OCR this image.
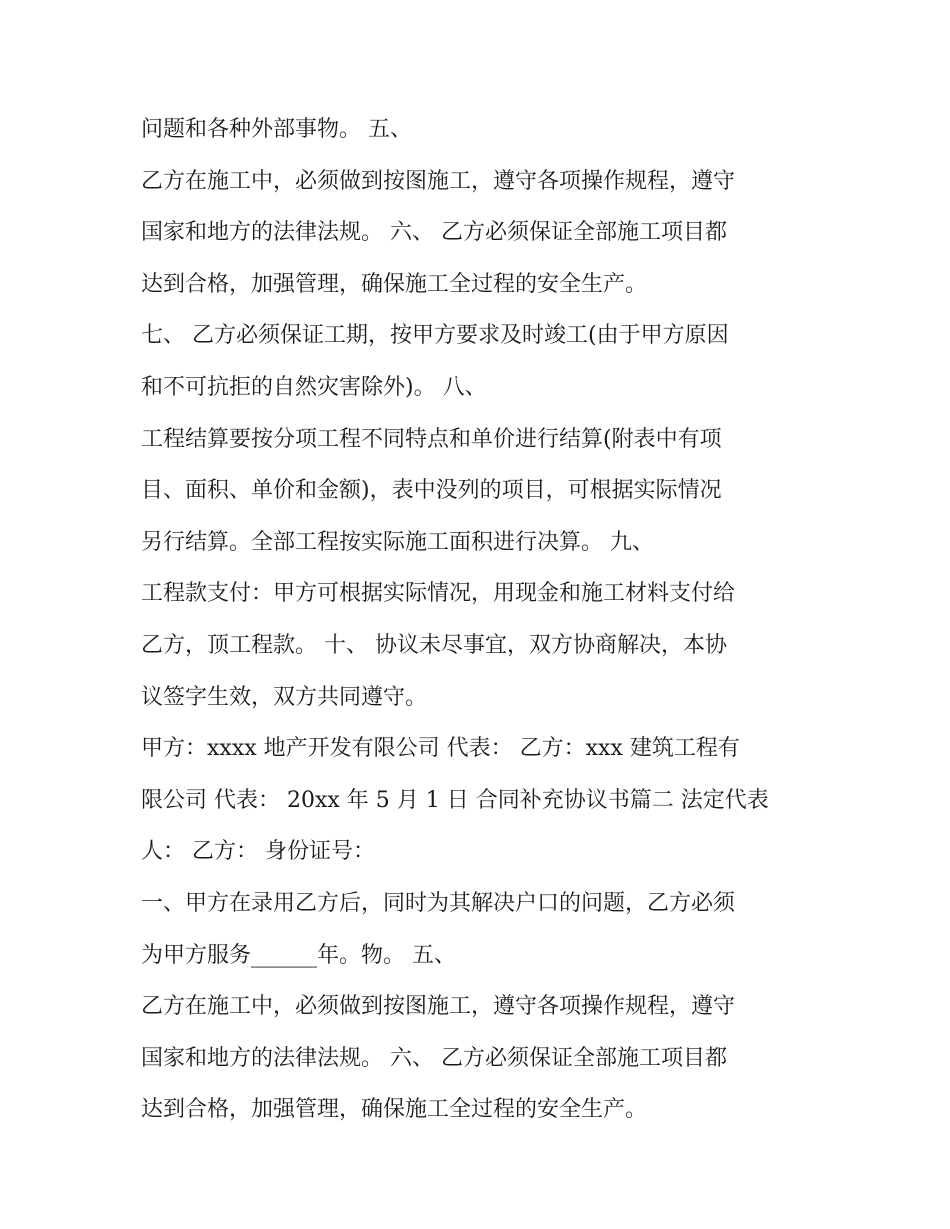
问题和各种外部事物。 五、
乙方在施工中，必须做到按图施工，遵守各项操作规程，遵守
国家和地方的法律法规。 六、 乙方必须保证全部施工项目都
达到合格，加强管理，确保施工全过程的安全生产。
七、 乙方必须保证工期，按甲方要求及时竣工(由于甲方原因
和不可抗拒的自然灾害除外)。 八、
工程结算要按分项工程不同特点和单价进行结算(附表中有项
目、面积、单价和金额)，表中没列的项目，可根据实际情况
另行结算。全部工程按实际施工面积进行决算。 九、
工程款支付：甲方可根据实际情况，用现金和施工材料支付给
乙方，顶工程款。 十、 协议未尽事宜，双方协商解决，本协
议签字生效，双方共同遵守。
甲方：xxxx 地产开发有限公司 代表： 乙方：xxx 建筑工程有
限公司 代表： 20xx 年 5 月 1 日 合同补充协议书篇二 法定代表
人： 乙方： 身份证号：
一、甲方在录用乙方后，同时为其解决户口的问题，乙方必须
为甲方服务______年。物。 五、
乙方在施工中，必须做到按图施工，遵守各项操作规程，遵守
国家和地方的法律法规。 六、 乙方必须保证全部施工项目都
达到合格，加强管理，确保施工全过程的安全生产。
